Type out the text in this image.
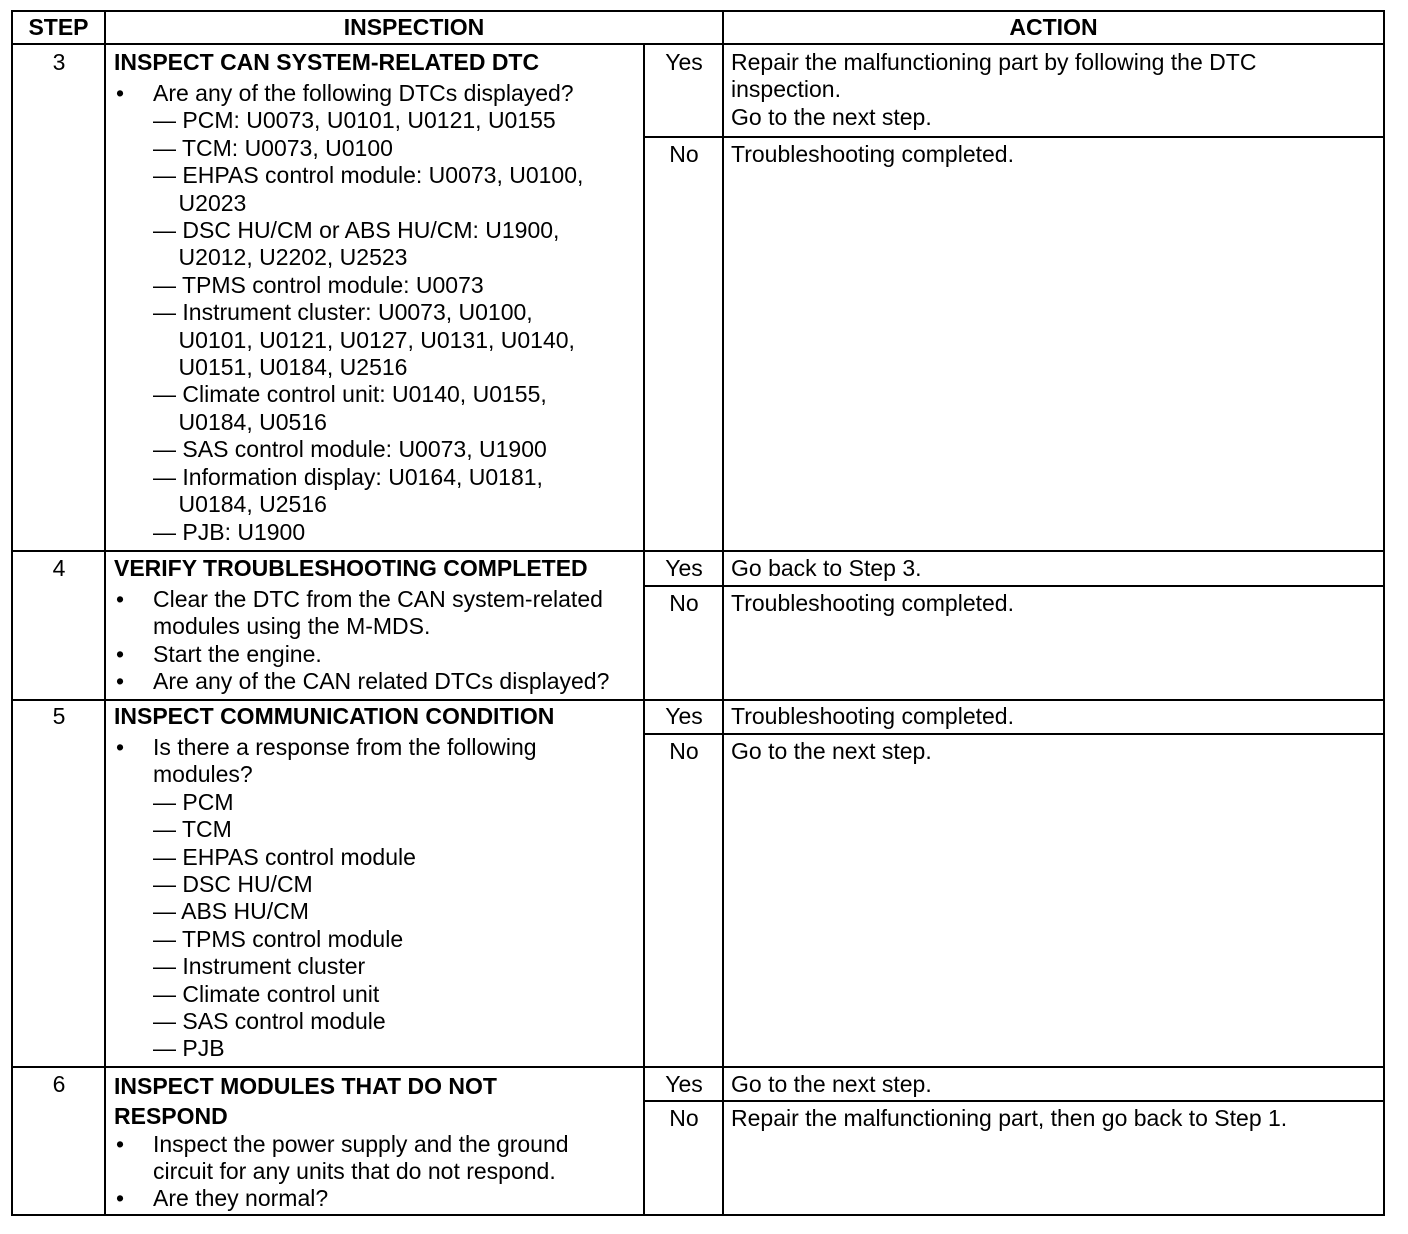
STEP	INSPECTION	ACTION
3	INSPECT CAN SYSTEM-RELATED DTC
• Are any of the following DTCs displayed?
— PCM: U0073, U0101, U0121, U0155
— TCM: U0073, U0100
— EHPAS control module: U0073, U0100,
U2023
— DSC HU/CM or ABS HU/CM: U1900,
U2012, U2202, U2523
— TPMS control module: U0073
— Instrument cluster: U0073, U0100,
U0101, U0121, U0127, U0131, U0140,
U0151, U0184, U2516
— Climate control unit: U0140, U0155,
U0184, U0516
— SAS control module: U0073, U1900
— Information display: U0164, U0181,
U0184, U2516
— PJB: U1900
Yes	Repair the malfunctioning part by following the DTC
inspection.
Go to the next step.
No	Troubleshooting completed.
4	VERIFY TROUBLESHOOTING COMPLETED
• Clear the DTC from the CAN system-related
modules using the M-MDS.
• Start the engine.
• Are any of the CAN related DTCs displayed?
Yes	Go back to Step 3.
No	Troubleshooting completed.
5	INSPECT COMMUNICATION CONDITION
• Is there a response from the following
modules?
— PCM
— TCM
— EHPAS control module
— DSC HU/CM
— ABS HU/CM
— TPMS control module
— Instrument cluster
— Climate control unit
— SAS control module
— PJB
Yes	Troubleshooting completed.
No	Go to the next step.
6	INSPECT MODULES THAT DO NOT
RESPOND
• Inspect the power supply and the ground
circuit for any units that do not respond.
• Are they normal?
Yes	Go to the next step.
No	Repair the malfunctioning part, then go back to Step 1.
